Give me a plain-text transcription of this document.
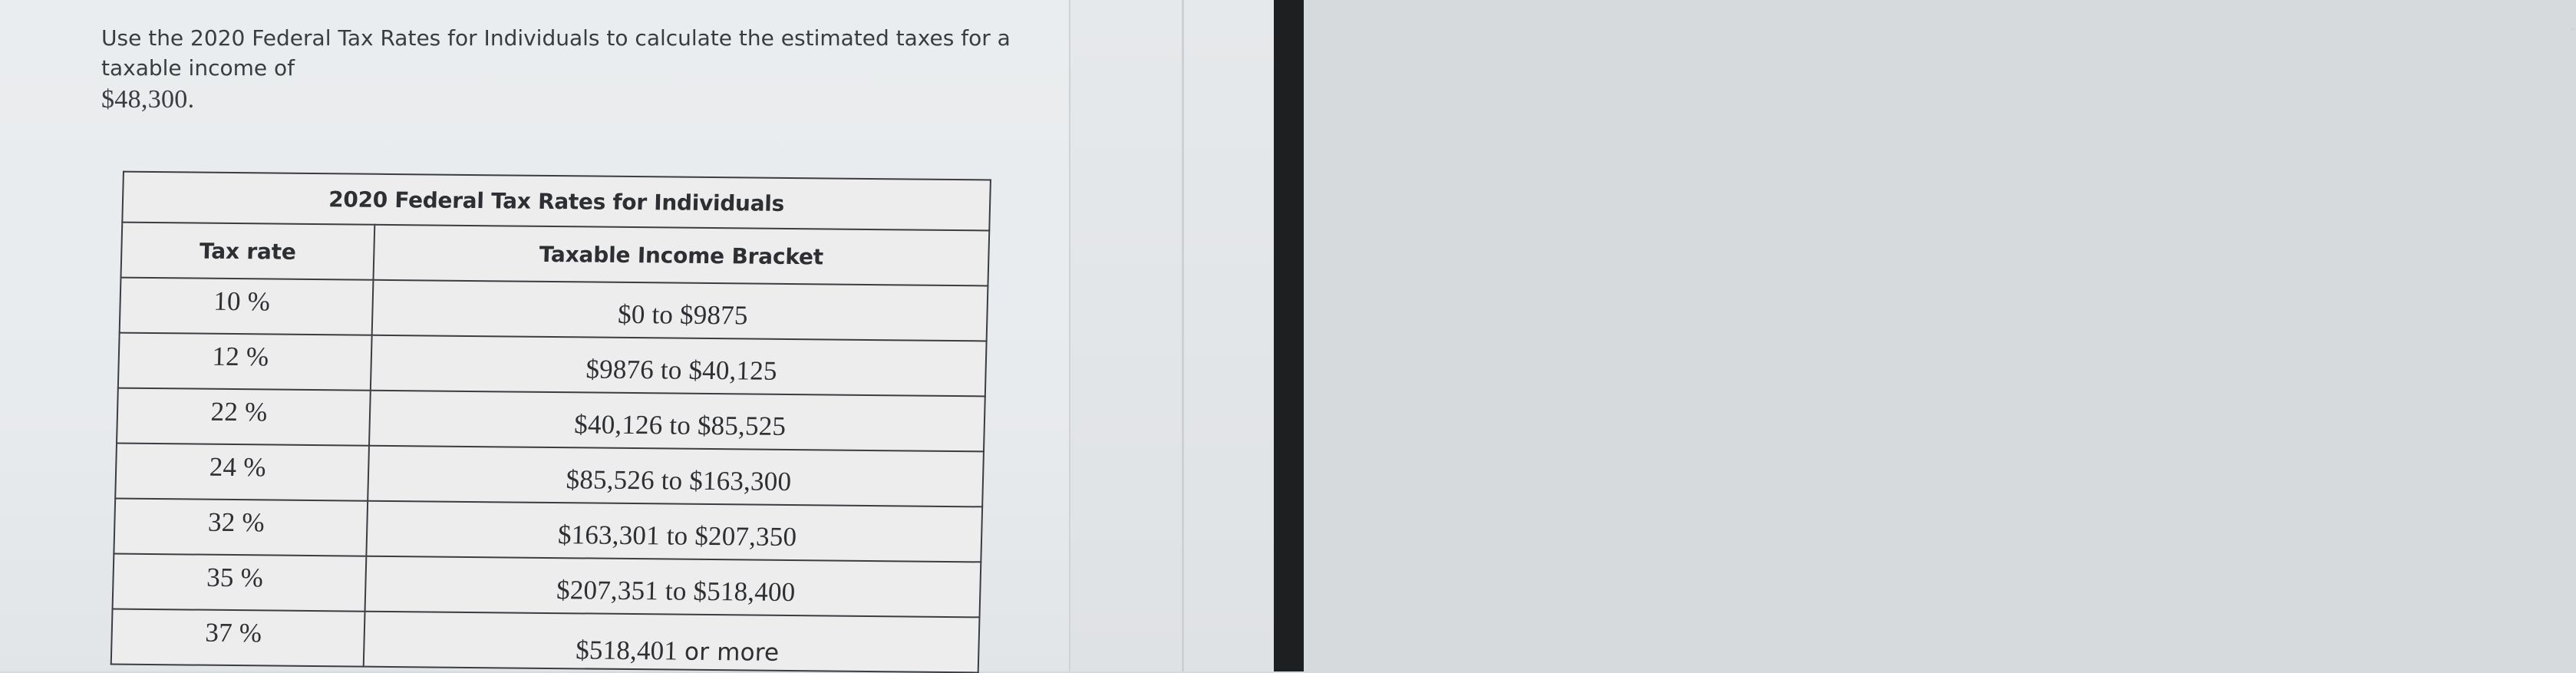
–
Use the 2020 Federal Tax Rates for Individuals to calculate the estimated taxes for a taxable income of
$48,300.
2020 Federal Tax Rates for Individuals	
Tax rate	Taxable Income Bracket
10 %	$0 to $9875
12 %	$9876 to $40,125
22 %	$40,126 to $85,525
24 %	$85,526 to $163,300
32 %	$163,301 to $207,350
35 %	$207,351 to $518,400
37 %	$518,401 or more
